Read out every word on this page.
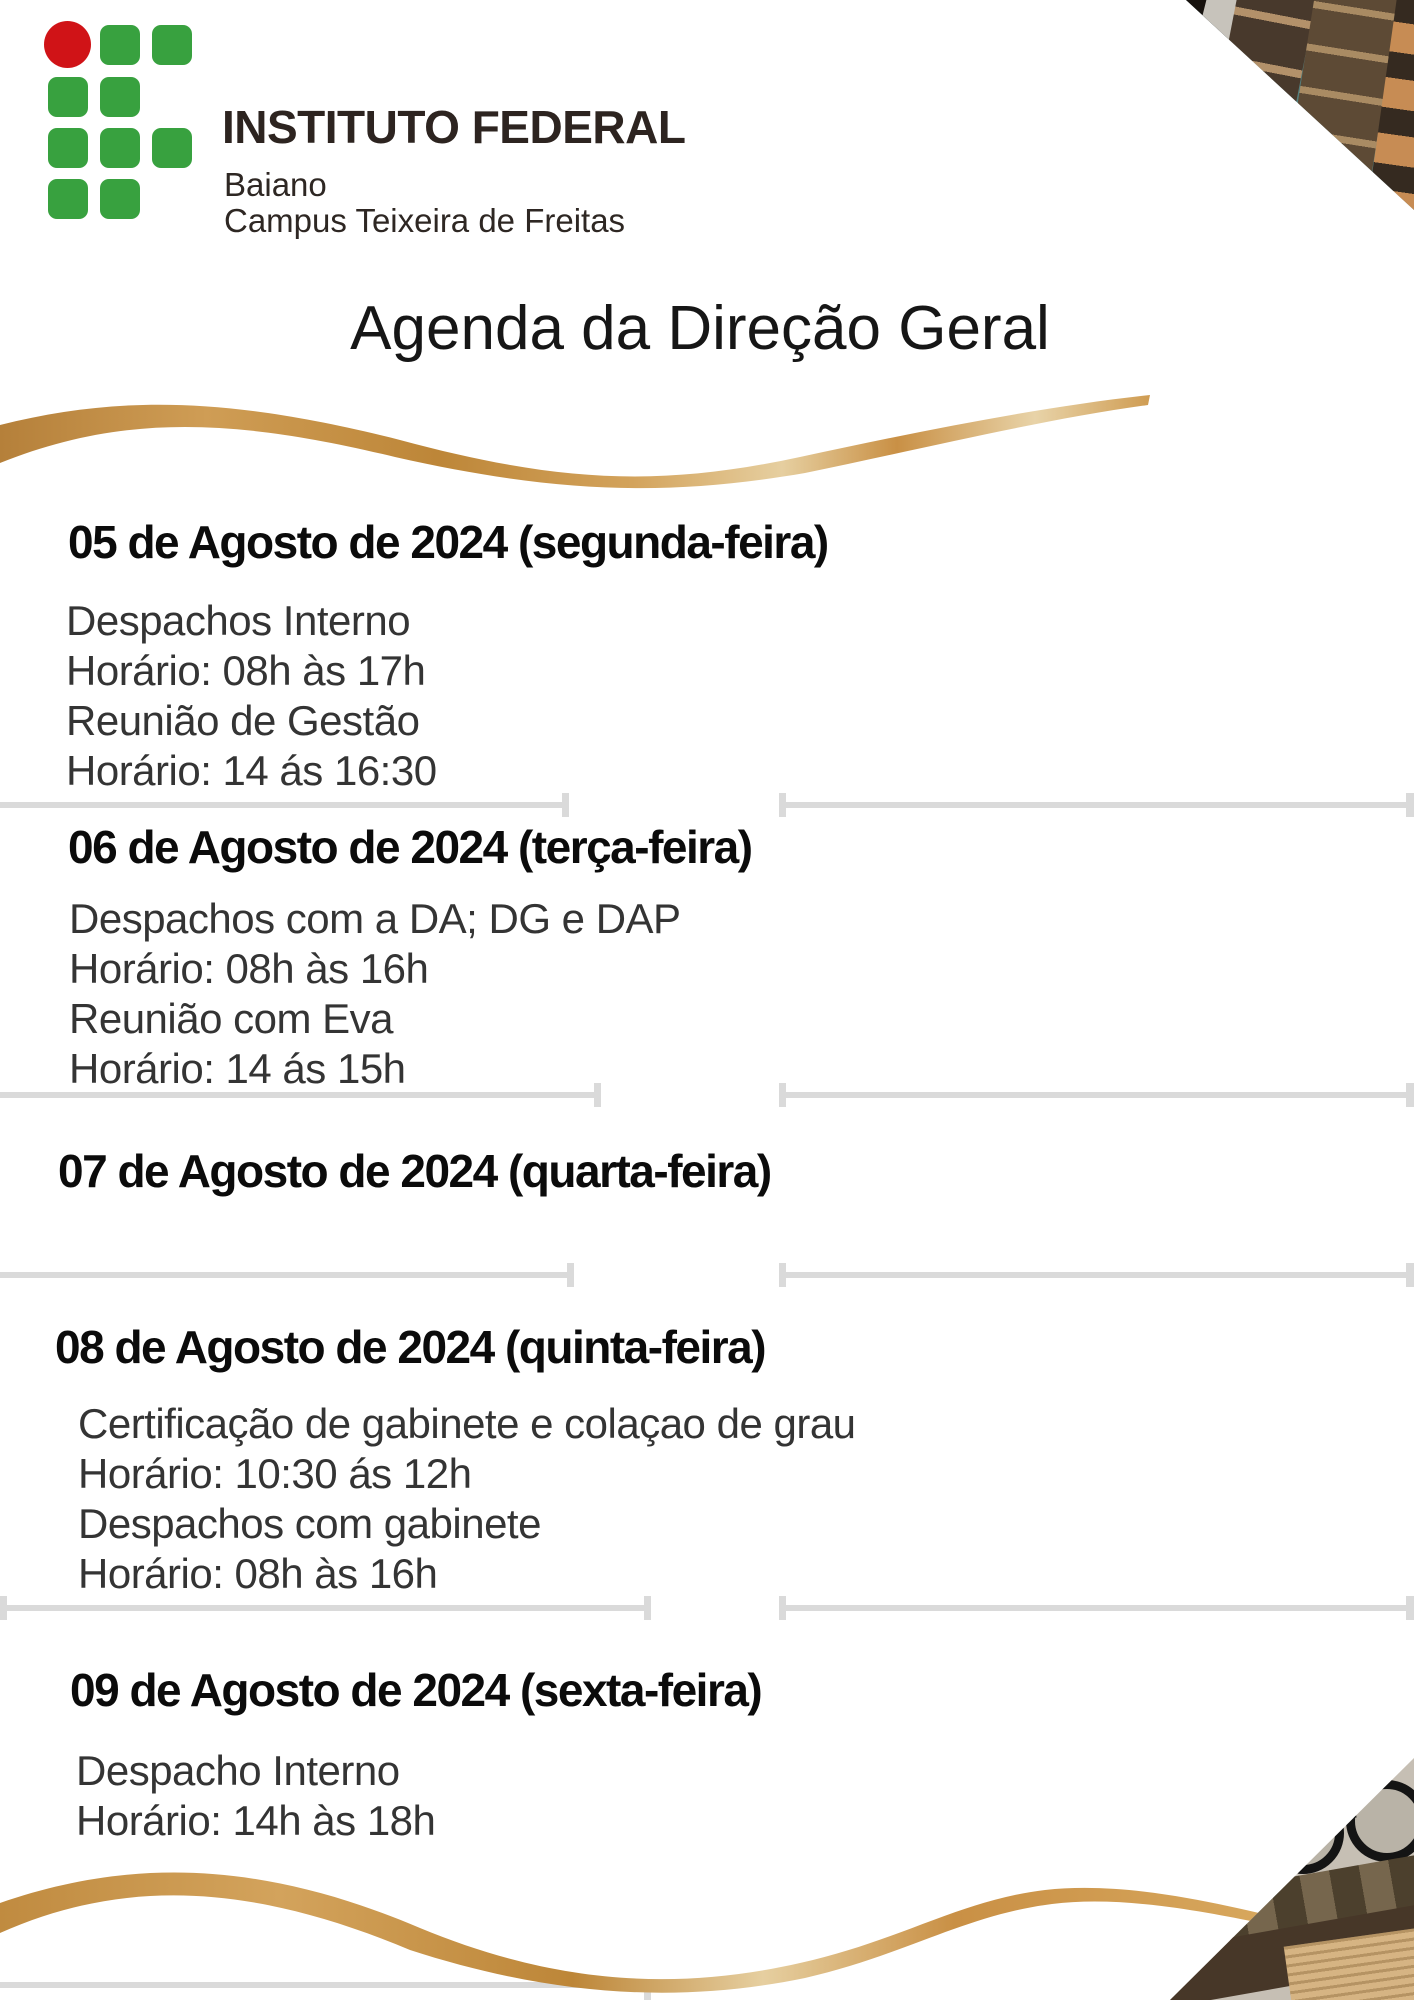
INSTITUTO FEDERAL
Baiano
Campus Teixeira de Freitas
Agenda da Direção Geral
05 de Agosto de 2024 (segunda-feira)
Despachos Interno
Horário: 08h às 17h
Reunião de Gestão
Horário: 14 ás 16:30
06 de Agosto de 2024 (terça-feira)
Despachos com a DA; DG e DAP
Horário: 08h às 16h
Reunião com Eva
Horário: 14 ás 15h
07 de Agosto de 2024 (quarta-feira)
08 de Agosto de 2024 (quinta-feira)
Certificação de gabinete e colaçao de grau
Horário: 10:30 ás 12h
Despachos com gabinete
Horário: 08h às 16h
09 de Agosto de 2024 (sexta-feira)
Despacho Interno
Horário: 14h às 18h
